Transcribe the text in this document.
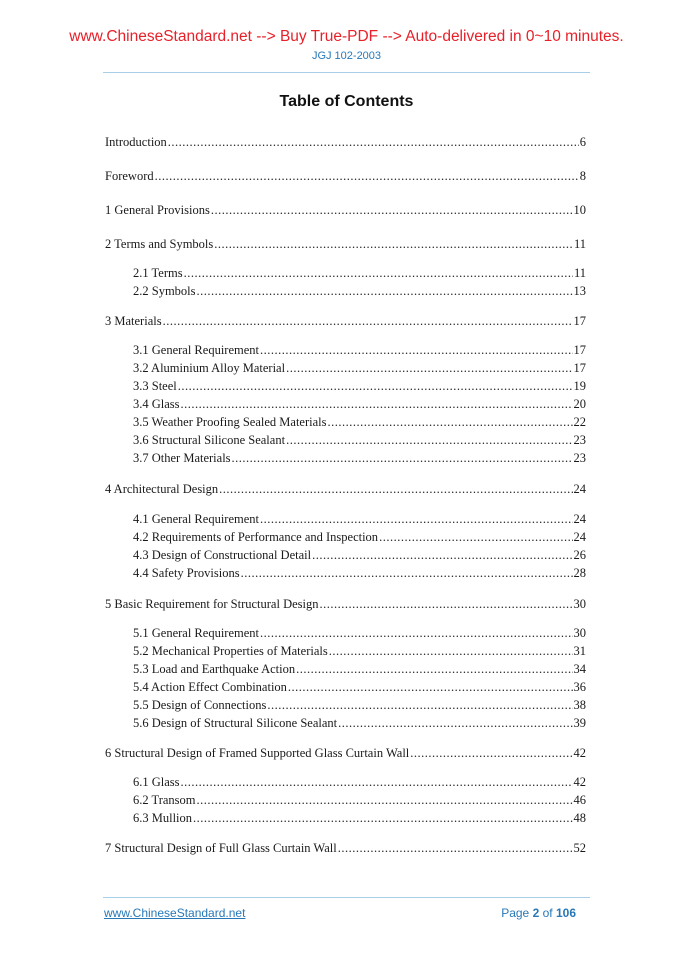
www.ChineseStandard.net --> Buy True-PDF --> Auto-delivered in 0~10 minutes.
JGJ 102-2003
Table of Contents
Introduction .....	6
Foreword .....	8
1 General Provisions .....	10
2 Terms and Symbols .....	11
2.1 Terms .....	11
2.2 Symbols .....	13
3 Materials .....	17
3.1 General Requirement .....	17
3.2 Aluminium Alloy Material .....	17
3.3 Steel .....	19
3.4 Glass .....	20
3.5 Weather Proofing Sealed Materials .....	22
3.6 Structural Silicone Sealant .....	23
3.7 Other Materials .....	23
4 Architectural Design .....	24
4.1 General Requirement .....	24
4.2 Requirements of Performance and Inspection .....	24
4.3 Design of Constructional Detail .....	26
4.4 Safety Provisions .....	28
5 Basic Requirement for Structural Design .....	30
5.1 General Requirement .....	30
5.2 Mechanical Properties of Materials .....	31
5.3 Load and Earthquake Action .....	34
5.4 Action Effect Combination .....	36
5.5 Design of Connections .....	38
5.6 Design of Structural Silicone Sealant .....	39
6 Structural Design of Framed Supported Glass Curtain Wall .....	42
6.1 Glass .....	42
6.2 Transom .....	46
6.3 Mullion .....	48
7 Structural Design of Full Glass Curtain Wall .....	52
www.ChineseStandard.net	Page 2 of 106
